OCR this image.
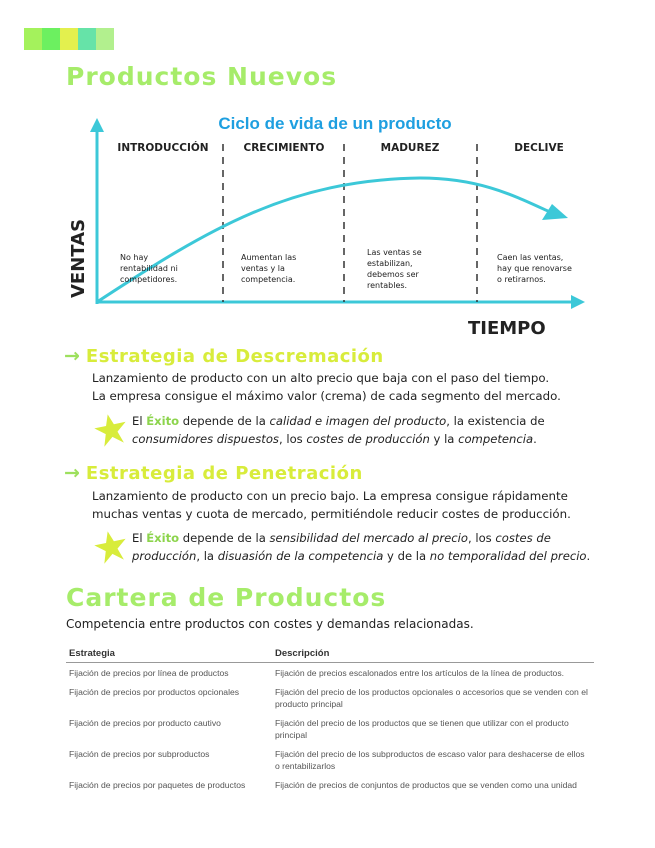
Productos Nuevos
Ciclo de vida de un producto
INTRODUCCIÓN	CRECIMIENTO	MADUREZ	DECLIVE
No hay
rentabilidad ni
competidores.
Aumentan las
ventas y la
competencia.
Las ventas se
estabilizan,
debemos ser
rentables.
Caen las ventas,
hay que renovarse
o retirarnos.
VENTAS
TIEMPO
→ Estrategia de Descremación

Lanzamiento de producto con un alto precio que baja con el paso del tiempo.
La empresa consigue el máximo valor (crema) de cada segmento del mercado.

El Éxito depende de la calidad e imagen del producto, la existencia de consumidores dispuestos, los costes de producción y la competencia.
→ Estrategia de Penetración

Lanzamiento de producto con un precio bajo. La empresa consigue rápidamente
muchas ventas y cuota de mercado, permitiéndole reducir costes de producción.

El Éxito depende de la sensibilidad del mercado al precio, los costes de producción, la disuasión de la competencia y de la no temporalidad del precio.
Cartera de Productos

Competencia entre productos con costes y demandas relacionadas.

Estrategia	Descripción
Fijación de precios por línea de productos	Fijación de precios escalonados entre los artículos de la línea de productos.
Fijación de precios por productos opcionales	Fijación del precio de los productos opcionales o accesorios que se venden con el producto principal
Fijación de precios por producto cautivo	Fijación del precio de los productos que se tienen que utilizar con el producto principal
Fijación de precios por subproductos	Fijación del precio de los subproductos de escaso valor para deshacerse de ellos o rentabilizarlos
Fijación de precios por paquetes de productos	Fijación de precios de conjuntos de productos que se venden como una unidad
